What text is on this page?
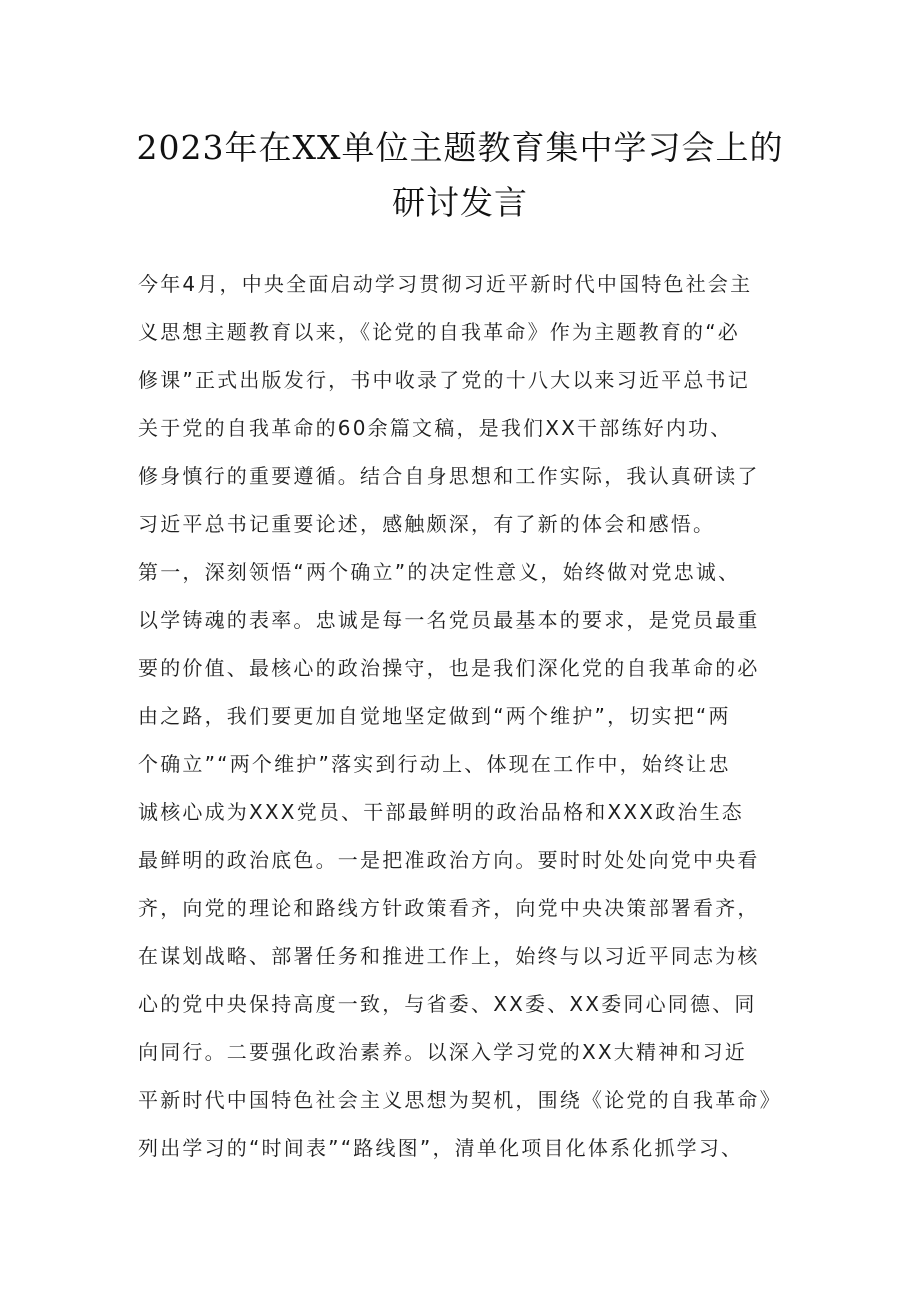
2023年在XX单位主题教育集中学习会上的
研讨发言
今年4月，中央全面启动学习贯彻习近平新时代中国特色社会主
义思想主题教育以来，《论党的自我革命》作为主题教育的“必
修课”正式出版发行，书中收录了党的十八大以来习近平总书记
关于党的自我革命的60余篇文稿，是我们XX干部练好内功、
修身慎行的重要遵循。结合自身思想和工作实际，我认真研读了
习近平总书记重要论述，感触颇深，有了新的体会和感悟。
第一，深刻领悟“两个确立”的决定性意义，始终做对党忠诚、
以学铸魂的表率。忠诚是每一名党员最基本的要求，是党员最重
要的价值、最核心的政治操守，也是我们深化党的自我革命的必
由之路，我们要更加自觉地坚定做到“两个维护”，切实把“两
个确立”“两个维护”落实到行动上、体现在工作中，始终让忠
诚核心成为XXX党员、干部最鲜明的政治品格和XXX政治生态
最鲜明的政治底色。一是把准政治方向。要时时处处向党中央看
齐，向党的理论和路线方针政策看齐，向党中央决策部署看齐，
在谋划战略、部署任务和推进工作上，始终与以习近平同志为核
心的党中央保持高度一致，与省委、XX委、XX委同心同德、同
向同行。二要强化政治素养。以深入学习党的XX大精神和习近
平新时代中国特色社会主义思想为契机，围绕《论党的自我革命》
列出学习的“时间表”“路线图”，清单化项目化体系化抓学习、
